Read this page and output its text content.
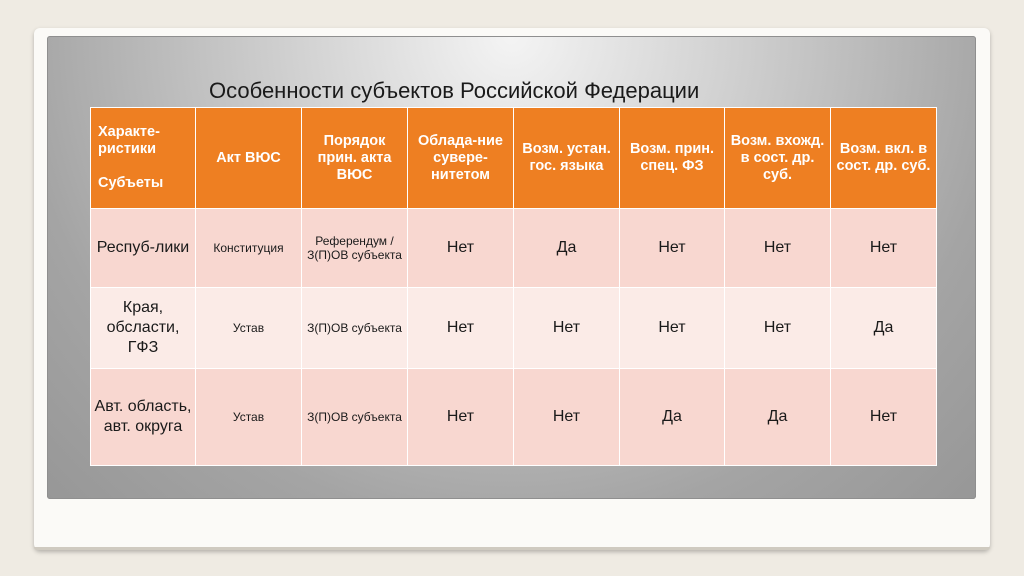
Особенности субъектов Российской Федерации
Характе-ристики
Субъеты	Акт ВЮС	Порядок прин. акта ВЮС	Облада-ние сувере-нитетом	Возм. устан. гос. языка	Возм. прин. спец. ФЗ	Возм. вхожд. в сост. др. суб.	Возм. вкл. в сост. др. суб.
Респуб-лики	Конституция	Референдум / З(П)ОВ субъекта	Нет	Да	Нет	Нет	Нет
Края, обсласти, ГФЗ	Устав	З(П)ОВ субъекта	Нет	Нет	Нет	Нет	Да
Авт. область, авт. округа	Устав	З(П)ОВ субъекта	Нет	Нет	Да	Да	Нет
